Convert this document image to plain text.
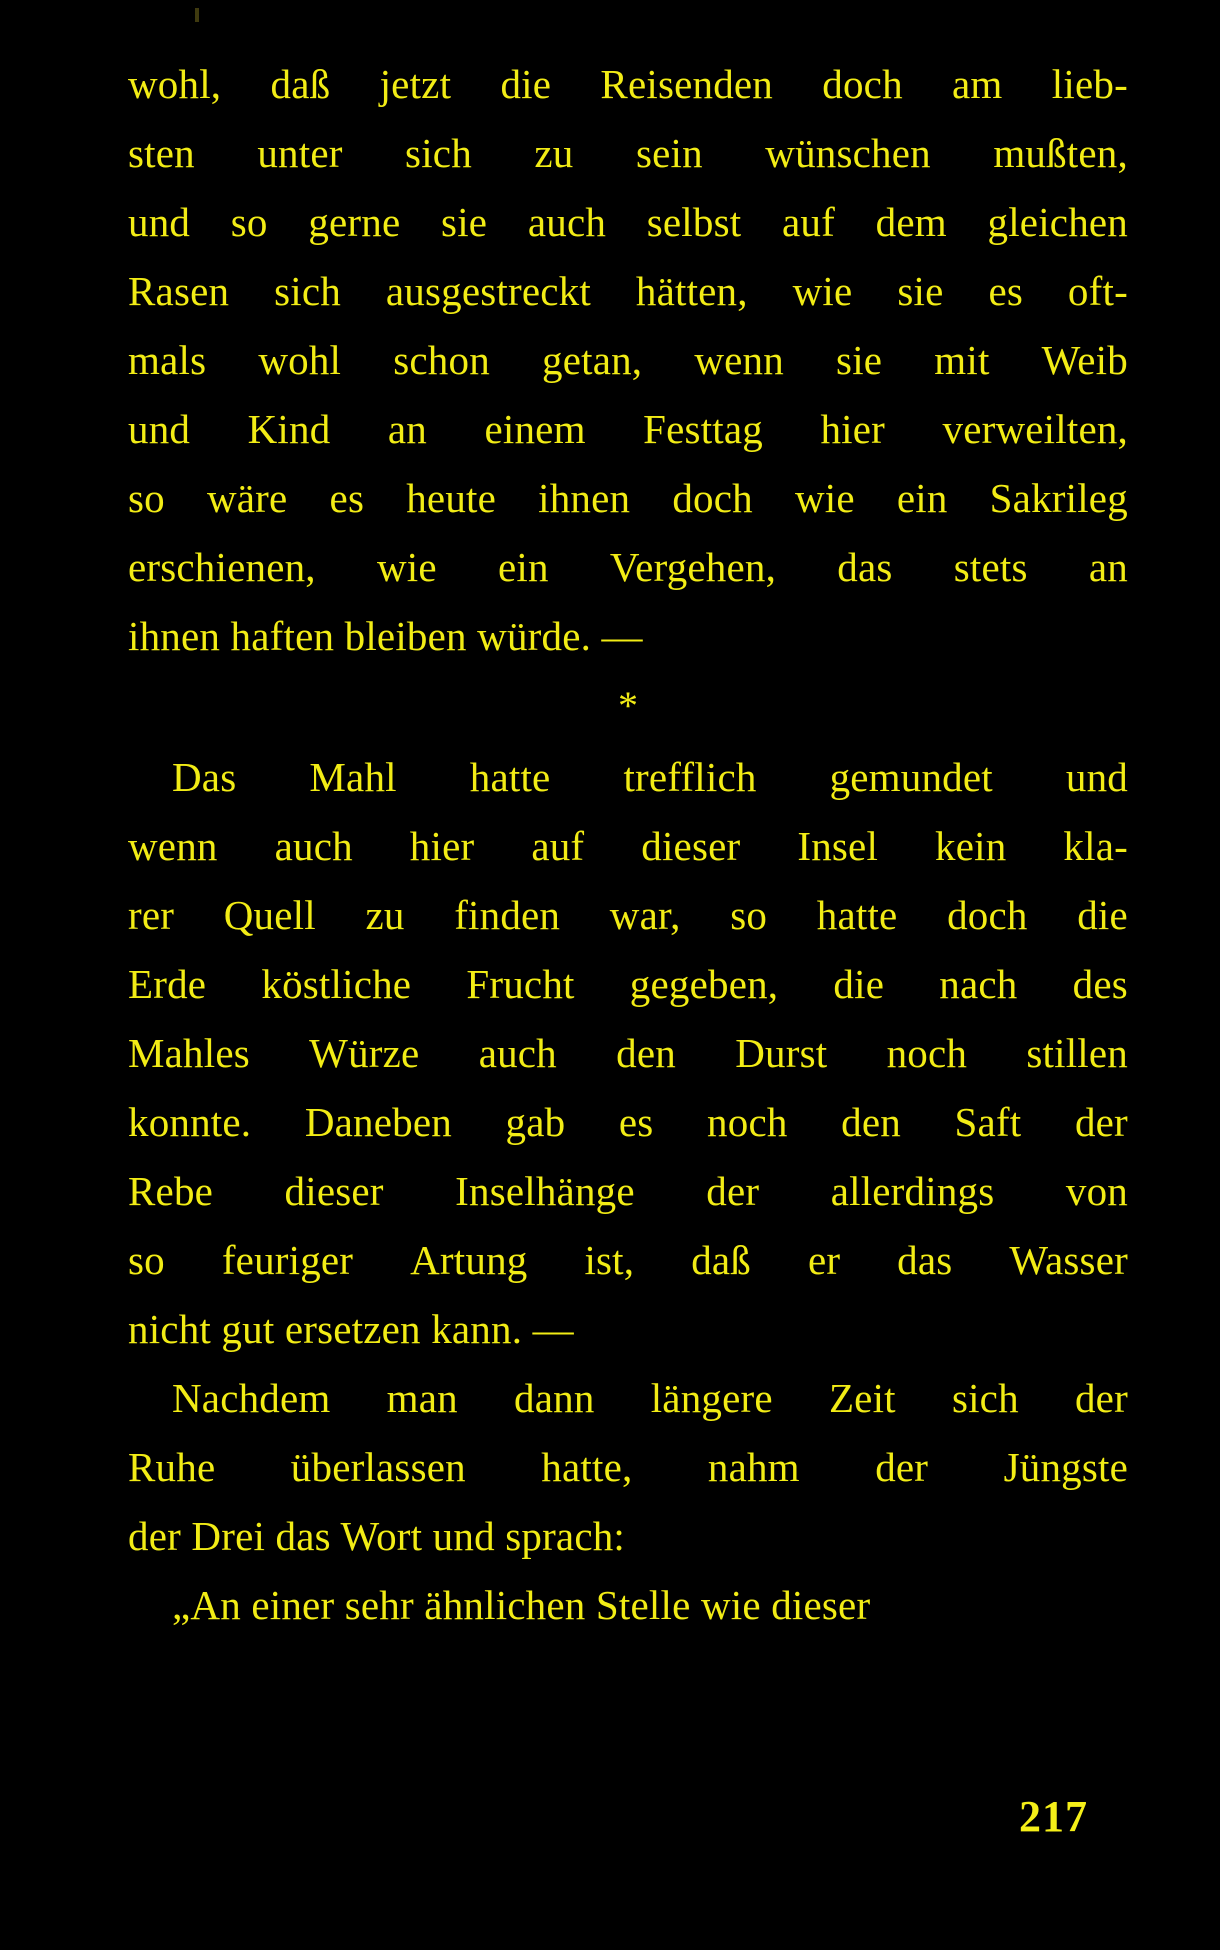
wohl, daß jetzt die Reisenden doch am lieb-
sten unter sich zu sein wünschen mußten,
und so gerne sie auch selbst auf dem gleichen
Rasen sich ausgestreckt hätten, wie sie es oft-
mals wohl schon getan, wenn sie mit Weib
und Kind an einem Festtag hier verweilten,
so wäre es heute ihnen doch wie ein Sakrileg
erschienen, wie ein Vergehen, das stets an
ihnen haften bleiben würde. —

*

Das Mahl hatte trefflich gemundet und
wenn auch hier auf dieser Insel kein kla-
rer Quell zu finden war, so hatte doch die
Erde köstliche Frucht gegeben, die nach des
Mahles Würze auch den Durst noch stillen
konnte. Daneben gab es noch den Saft der
Rebe dieser Inselhänge der allerdings von
so feuriger Artung ist, daß er das Wasser
nicht gut ersetzen kann. —

Nachdem man dann längere Zeit sich der
Ruhe überlassen hatte, nahm der Jüngste
der Drei das Wort und sprach:

„An einer sehr ähnlichen Stelle wie dieser

217
